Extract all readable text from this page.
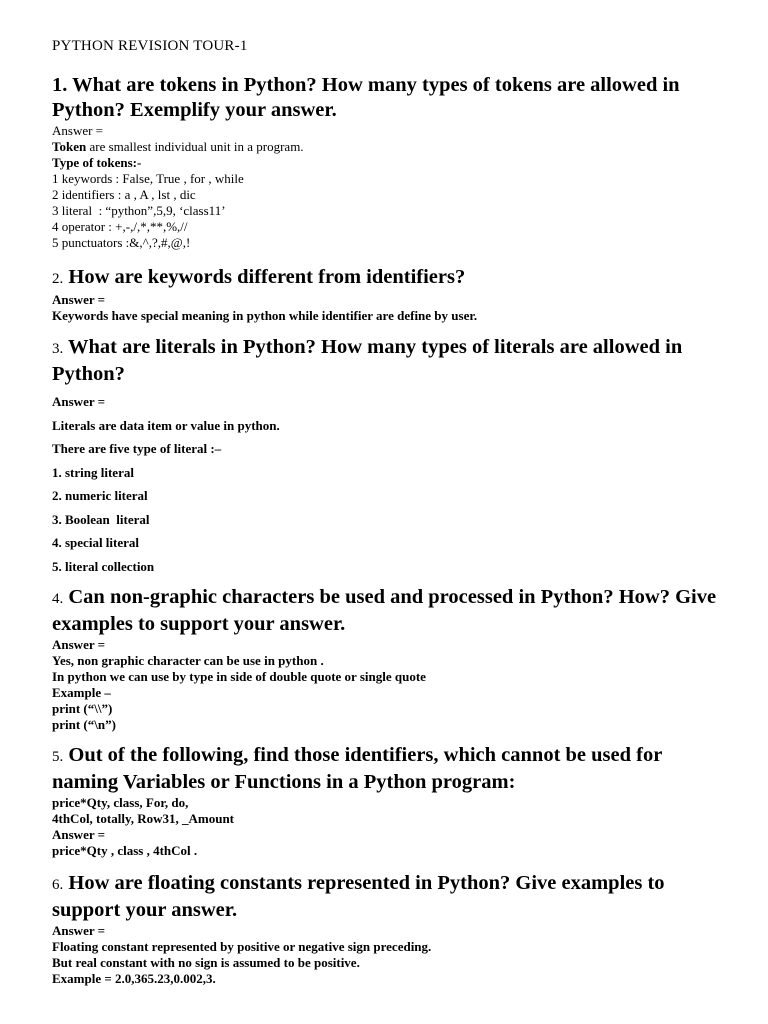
PYTHON REVISION TOUR-1
1. What are tokens in Python? How many types of tokens are allowed in Python? Exemplify your answer.
Answer =
Token are smallest individual unit in a program.
Type of tokens:-
1 keywords : False, True , for , while
2 identifiers : a , A , lst , dic
3 literal  : “python”,5,9, ‘class11’
4 operator : +,-,/,*,**,%,//
5 punctuators :&,^,?,#,@,!
2. How are keywords different from identifiers?
Answer =
Keywords have special meaning in python while identifier are define by user.
3. What are literals in Python? How many types of literals are allowed in Python?
Answer =
Literals are data item or value in python.
There are five type of literal :–
1. string literal
2. numeric literal
3. Boolean  literal
4. special literal
5. literal collection
4. Can non-graphic characters be used and processed in Python? How? Give examples to support your answer.
Answer =
Yes, non graphic character can be use in python .
In python we can use by type in side of double quote or single quote
Example –
print (“\\”)
print (“\n”)
5. Out of the following, find those identifiers, which cannot be used for naming Variables or Functions in a Python program:
price*Qty, class, For, do,
4thCol, totally, Row31, _Amount
Answer =
price*Qty , class , 4thCol .
6. How are floating constants represented in Python? Give examples to support your answer.
Answer =
Floating constant represented by positive or negative sign preceding.
But real constant with no sign is assumed to be positive.
Example = 2.0,365.23,0.002,3.
